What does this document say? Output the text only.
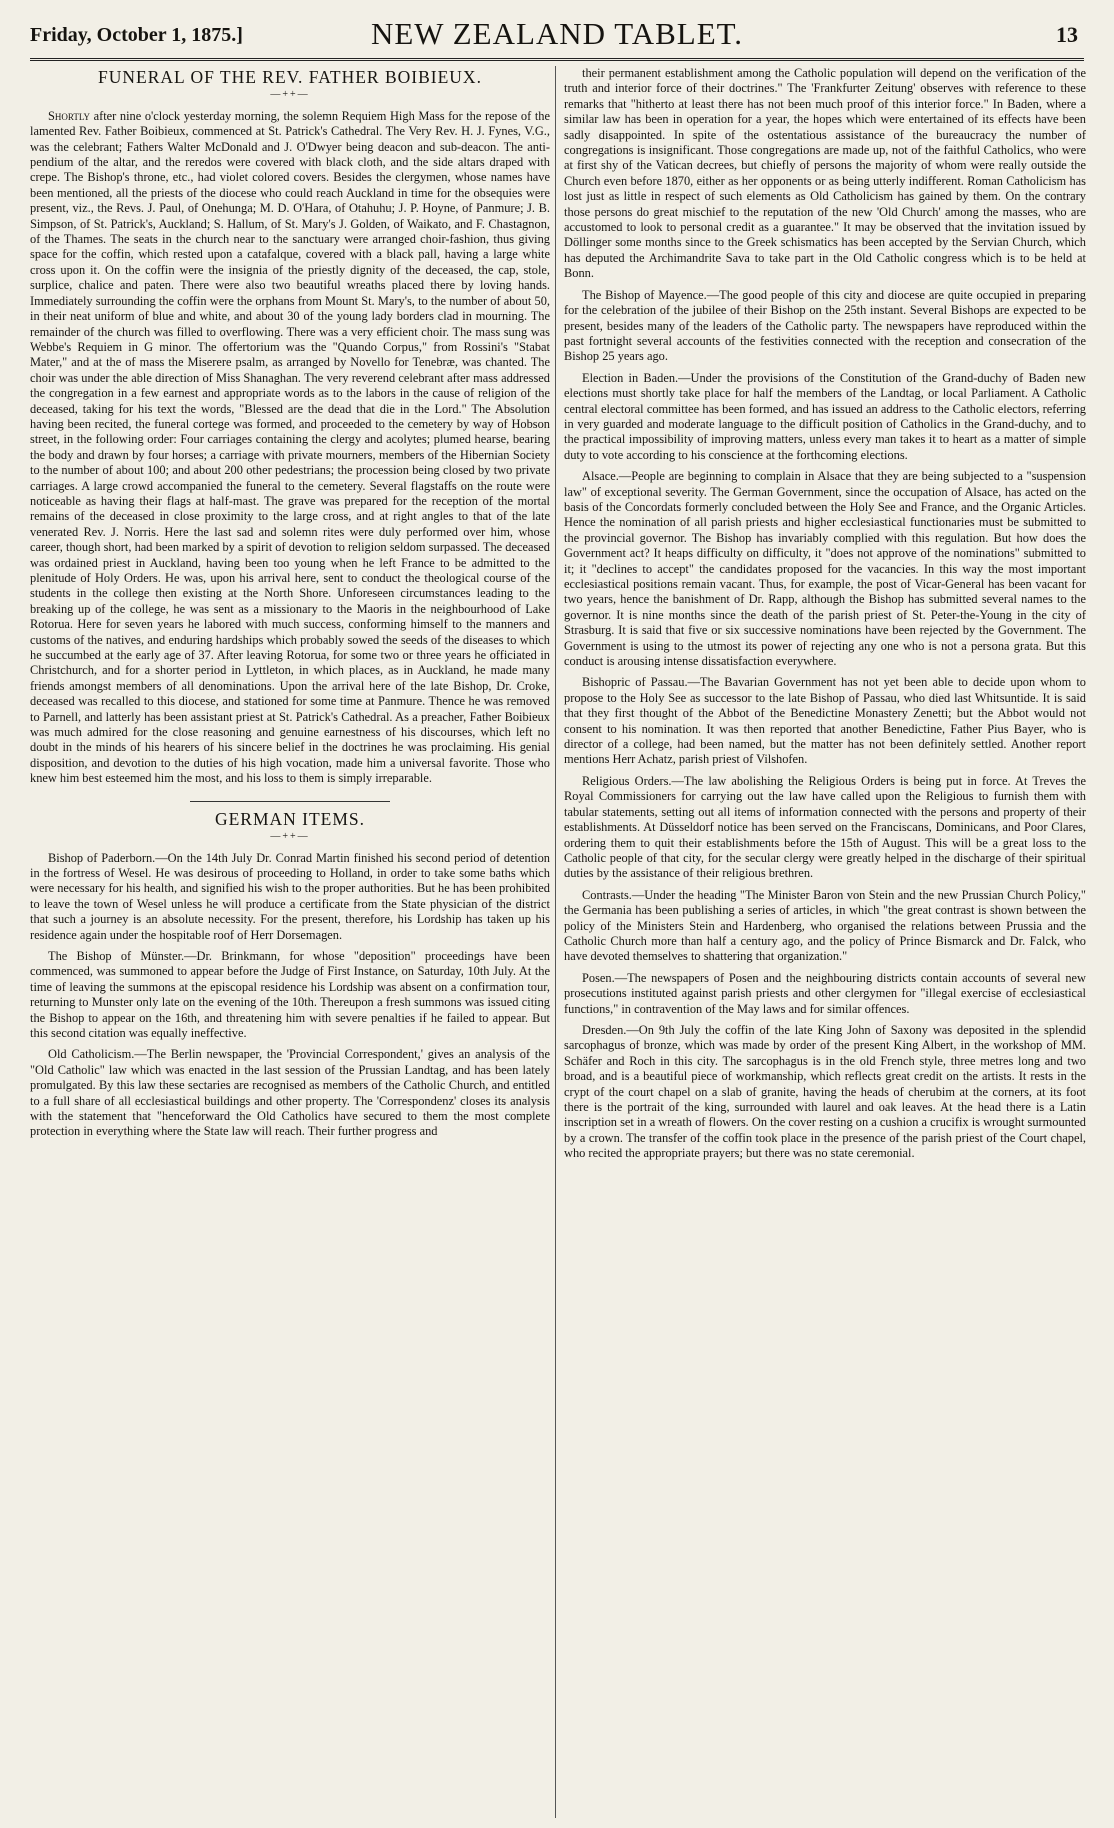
Friday, October 1, 1875.]	NEW ZEALAND TABLET.	13
FUNERAL OF THE REV. FATHER BOIBIEUX.
—++—

Shortly after nine o'clock yesterday morning, the solemn Requiem High Mass for the repose of the lamented Rev. Father Boibieux, commenced at St. Patrick's Cathedral. The Very Rev. H. J. Fynes, V.G., was the celebrant; Fathers Walter McDonald and J. O'Dwyer being deacon and sub-deacon. The anti-pendium of the altar, and the reredos were covered with black cloth, and the side altars draped with crepe. The Bishop's throne, etc., had violet colored covers. Besides the clergymen, whose names have been mentioned, all the priests of the diocese who could reach Auckland in time for the obsequies were present, viz., the Revs. J. Paul, of Onehunga; M. D. O'Hara, of Otahuhu; J. P. Hoyne, of Panmure; J. B. Simpson, of St. Patrick's, Auckland; S. Hallum, of St. Mary's J. Golden, of Waikato, and F. Chastagnon, of the Thames. The seats in the church near to the sanctuary were arranged choir-fashion, thus giving space for the coffin, which rested upon a catafalque, covered with a black pall, having a large white cross upon it. On the coffin were the insignia of the priestly dignity of the deceased, the cap, stole, surplice, chalice and paten. There were also two beautiful wreaths placed there by loving hands. Immediately surrounding the coffin were the orphans from Mount St. Mary's, to the number of about 50, in their neat uniform of blue and white, and about 30 of the young lady borders clad in mourning. The remainder of the church was filled to overflowing. There was a very efficient choir. The mass sung was Webbe's Requiem in G minor. The offertorium was the "Quando Corpus," from Rossini's "Stabat Mater," and at the of mass the Miserere psalm, as arranged by Novello for Tenebræ, was chanted. The choir was under the able direction of Miss Shanaghan. The very reverend celebrant after mass addressed the congregation in a few earnest and appropriate words as to the labors in the cause of religion of the deceased, taking for his text the words, "Blessed are the dead that die in the Lord." The Absolution having been recited, the funeral cortege was formed, and proceeded to the cemetery by way of Hobson street, in the following order: Four carriages containing the clergy and acolytes; plumed hearse, bearing the body and drawn by four horses; a carriage with private mourners, members of the Hibernian Society to the number of about 100; and about 200 other pedestrians; the procession being closed by two private carriages. A large crowd accompanied the funeral to the cemetery. Several flagstaffs on the route were noticeable as having their flags at half-mast. The grave was prepared for the reception of the mortal remains of the deceased in close proximity to the large cross, and at right angles to that of the late venerated Rev. J. Norris. Here the last sad and solemn rites were duly performed over him, whose career, though short, had been marked by a spirit of devotion to religion seldom surpassed. The deceased was ordained priest in Auckland, having been too young when he left France to be admitted to the plenitude of Holy Orders. He was, upon his arrival here, sent to conduct the theological course of the students in the college then existing at the North Shore. Unforeseen circumstances leading to the breaking up of the college, he was sent as a missionary to the Maoris in the neighbourhood of Lake Rotorua. Here for seven years he labored with much success, conforming himself to the manners and customs of the natives, and enduring hardships which probably sowed the seeds of the diseases to which he succumbed at the early age of 37. After leaving Rotorua, for some two or three years he officiated in Christchurch, and for a shorter period in Lyttleton, in which places, as in Auckland, he made many friends amongst members of all denominations. Upon the arrival here of the late Bishop, Dr. Croke, deceased was recalled to this diocese, and stationed for some time at Panmure. Thence he was removed to Parnell, and latterly has been assistant priest at St. Patrick's Cathedral. As a preacher, Father Boibieux was much admired for the close reasoning and genuine earnestness of his discourses, which left no doubt in the minds of his hearers of his sincere belief in the doctrines he was proclaiming. His genial disposition, and devotion to the duties of his high vocation, made him a universal favorite. Those who knew him best esteemed him the most, and his loss to them is simply irreparable.

GERMAN ITEMS.
—++—

Bishop of Paderborn.—On the 14th July Dr. Conrad Martin finished his second period of detention in the fortress of Wesel. He was desirous of proceeding to Holland, in order to take some baths which were necessary for his health, and signified his wish to the proper authorities. But he has been prohibited to leave the town of Wesel unless he will produce a certificate from the State physician of the district that such a journey is an absolute necessity. For the present, therefore, his Lordship has taken up his residence again under the hospitable roof of Herr Dorsemagen.

The Bishop of Münster.—Dr. Brinkmann, for whose "deposition" proceedings have been commenced, was summoned to appear before the Judge of First Instance, on Saturday, 10th July. At the time of leaving the summons at the episcopal residence his Lordship was absent on a confirmation tour, returning to Munster only late on the evening of the 10th. Thereupon a fresh summons was issued citing the Bishop to appear on the 16th, and threatening him with severe penalties if he failed to appear. But this second citation was equally ineffective.

Old Catholicism.—The Berlin newspaper, the 'Provincial Correspondent,' gives an analysis of the "Old Catholic" law which was enacted in the last session of the Prussian Landtag, and has been lately promulgated. By this law these sectaries are recognised as members of the Catholic Church, and entitled to a full share of all ecclesiastical buildings and other property. The 'Correspondenz' closes its analysis with the statement that "henceforward the Old Catholics have secured to them the most complete protection in everything where the State law will reach. Their further progress and

their permanent establishment among the Catholic population will depend on the verification of the truth and interior force of their doctrines." The 'Frankfurter Zeitung' observes with reference to these remarks that "hitherto at least there has not been much proof of this interior force." In Baden, where a similar law has been in operation for a year, the hopes which were entertained of its effects have been sadly disappointed. In spite of the ostentatious assistance of the bureaucracy the number of congregations is insignificant. Those congregations are made up, not of the faithful Catholics, who were at first shy of the Vatican decrees, but chiefly of persons the majority of whom were really outside the Church even before 1870, either as her opponents or as being utterly indifferent. Roman Catholicism has lost just as little in respect of such elements as Old Catholicism has gained by them. On the contrary those persons do great mischief to the reputation of the new 'Old Church' among the masses, who are accustomed to look to personal credit as a guarantee." It may be observed that the invitation issued by Döllinger some months since to the Greek schismatics has been accepted by the Servian Church, which has deputed the Archimandrite Sava to take part in the Old Catholic congress which is to be held at Bonn.

The Bishop of Mayence.—The good people of this city and diocese are quite occupied in preparing for the celebration of the jubilee of their Bishop on the 25th instant. Several Bishops are expected to be present, besides many of the leaders of the Catholic party. The newspapers have reproduced within the past fortnight several accounts of the festivities connected with the reception and consecration of the Bishop 25 years ago.

Election in Baden.—Under the provisions of the Constitution of the Grand-duchy of Baden new elections must shortly take place for half the members of the Landtag, or local Parliament. A Catholic central electoral committee has been formed, and has issued an address to the Catholic electors, referring in very guarded and moderate language to the difficult position of Catholics in the Grand-duchy, and to the practical impossibility of improving matters, unless every man takes it to heart as a matter of simple duty to vote according to his conscience at the forthcoming elections.

Alsace.—People are beginning to complain in Alsace that they are being subjected to a "suspension law" of exceptional severity. The German Government, since the occupation of Alsace, has acted on the basis of the Concordats formerly concluded between the Holy See and France, and the Organic Articles. Hence the nomination of all parish priests and higher ecclesiastical functionaries must be submitted to the provincial governor. The Bishop has invariably complied with this regulation. But how does the Government act? It heaps difficulty on difficulty, it "does not approve of the nominations" submitted to it; it "declines to accept" the candidates proposed for the vacancies. In this way the most important ecclesiastical positions remain vacant. Thus, for example, the post of Vicar-General has been vacant for two years, hence the banishment of Dr. Rapp, although the Bishop has submitted several names to the governor. It is nine months since the death of the parish priest of St. Peter-the-Young in the city of Strasburg. It is said that five or six successive nominations have been rejected by the Government. The Government is using to the utmost its power of rejecting any one who is not a persona grata. But this conduct is arousing intense dissatisfaction everywhere.

Bishopric of Passau.—The Bavarian Government has not yet been able to decide upon whom to propose to the Holy See as successor to the late Bishop of Passau, who died last Whitsuntide. It is said that they first thought of the Abbot of the Benedictine Monastery Zenetti; but the Abbot would not consent to his nomination. It was then reported that another Benedictine, Father Pius Bayer, who is director of a college, had been named, but the matter has not been definitely settled. Another report mentions Herr Achatz, parish priest of Vilshofen.

Religious Orders.—The law abolishing the Religious Orders is being put in force. At Treves the Royal Commissioners for carrying out the law have called upon the Religious to furnish them with tabular statements, setting out all items of information connected with the persons and property of their establishments. At Düsseldorf notice has been served on the Franciscans, Dominicans, and Poor Clares, ordering them to quit their establishments before the 15th of August. This will be a great loss to the Catholic people of that city, for the secular clergy were greatly helped in the discharge of their spiritual duties by the assistance of their religious brethren.

Contrasts.—Under the heading "The Minister Baron von Stein and the new Prussian Church Policy," the Germania has been publishing a series of articles, in which "the great contrast is shown between the policy of the Ministers Stein and Hardenberg, who organised the relations between Prussia and the Catholic Church more than half a century ago, and the policy of Prince Bismarck and Dr. Falck, who have devoted themselves to shattering that organization."

Posen.—The newspapers of Posen and the neighbouring districts contain accounts of several new prosecutions instituted against parish priests and other clergymen for "illegal exercise of ecclesiastical functions," in contravention of the May laws and for similar offences.

Dresden.—On 9th July the coffin of the late King John of Saxony was deposited in the splendid sarcophagus of bronze, which was made by order of the present King Albert, in the workshop of MM. Schäfer and Roch in this city. The sarcophagus is in the old French style, three metres long and two broad, and is a beautiful piece of workmanship, which reflects great credit on the artists. It rests in the crypt of the court chapel on a slab of granite, having the heads of cherubim at the corners, at its foot there is the portrait of the king, surrounded with laurel and oak leaves. At the head there is a Latin inscription set in a wreath of flowers. On the cover resting on a cushion a crucifix is wrought surmounted by a crown. The transfer of the coffin took place in the presence of the parish priest of the Court chapel, who recited the appropriate prayers; but there was no state ceremonial.
